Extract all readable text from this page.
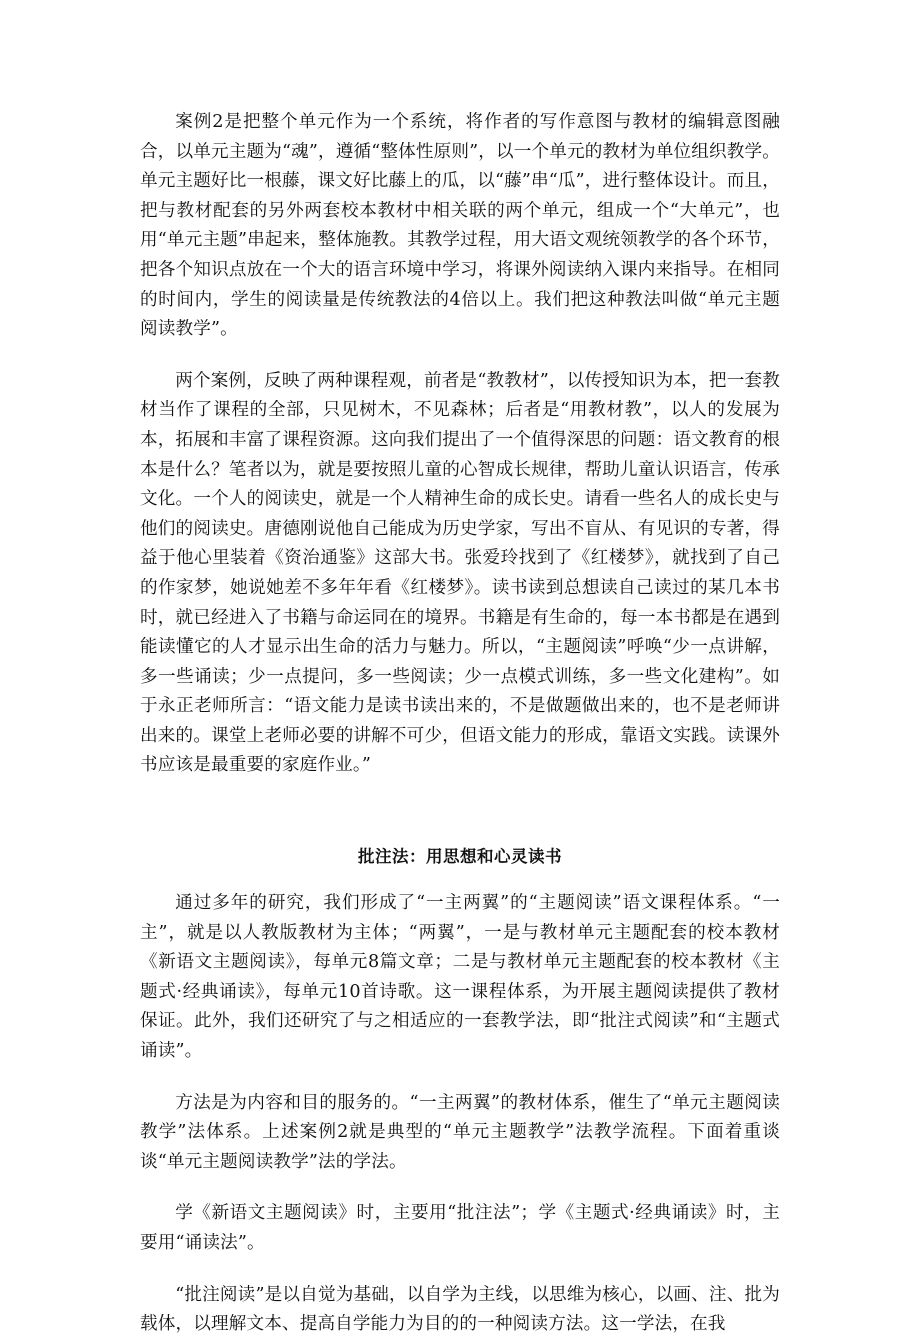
案例2是把整个单元作为一个系统，将作者的写作意图与教材的编辑意图融合，以单元主题为“魂”，遵循“整体性原则”，以一个单元的教材为单位组织教学。单元主题好比一根藤，课文好比藤上的瓜，以“藤”串“瓜”，进行整体设计。而且，把与教材配套的另外两套校本教材中相关联的两个单元，组成一个“大单元”，也用“单元主题”串起来，整体施教。其教学过程，用大语文观统领教学的各个环节，把各个知识点放在一个大的语言环境中学习，将课外阅读纳入课内来指导。在相同的时间内，学生的阅读量是传统教法的4倍以上。我们把这种教法叫做“单元主题阅读教学”。

两个案例，反映了两种课程观，前者是“教教材”，以传授知识为本，把一套教材当作了课程的全部，只见树木，不见森林；后者是“用教材教”，以人的发展为本，拓展和丰富了课程资源。这向我们提出了一个值得深思的问题：语文教育的根本是什么？笔者以为，就是要按照儿童的心智成长规律，帮助儿童认识语言，传承文化。一个人的阅读史，就是一个人精神生命的成长史。请看一些名人的成长史与他们的阅读史。唐德刚说他自己能成为历史学家，写出不盲从、有见识的专著，得益于他心里装着《资治通鉴》这部大书。张爱玲找到了《红楼梦》，就找到了自己的作家梦，她说她差不多年年看《红楼梦》。读书读到总想读自己读过的某几本书时，就已经进入了书籍与命运同在的境界。书籍是有生命的，每一本书都是在遇到能读懂它的人才显示出生命的活力与魅力。所以，“主题阅读”呼唤“少一点讲解，多一些诵读；少一点提问，多一些阅读；少一点模式训练，多一些文化建构”。如于永正老师所言：“语文能力是读书读出来的，不是做题做出来的，也不是老师讲出来的。课堂上老师必要的讲解不可少，但语文能力的形成，靠语文实践。读课外书应该是最重要的家庭作业。”

批注法：用思想和心灵读书

通过多年的研究，我们形成了“一主两翼”的“主题阅读”语文课程体系。“一主”，就是以人教版教材为主体；“两翼”，一是与教材单元主题配套的校本教材《新语文主题阅读》，每单元8篇文章；二是与教材单元主题配套的校本教材《主题式·经典诵读》，每单元10首诗歌。这一课程体系，为开展主题阅读提供了教材保证。此外，我们还研究了与之相适应的一套教学法，即“批注式阅读”和“主题式诵读”。

方法是为内容和目的服务的。“一主两翼”的教材体系，催生了“单元主题阅读教学”法体系。上述案例2就是典型的“单元主题教学”法教学流程。下面着重谈谈“单元主题阅读教学”法的学法。

学《新语文主题阅读》时，主要用“批注法”；学《主题式·经典诵读》时，主要用“诵读法”。

“批注阅读”是以自觉为基础，以自学为主线，以思维为核心，以画、注、批为载体，以理解文本、提高自学能力为目的的一种阅读方法。这一学法，在我
